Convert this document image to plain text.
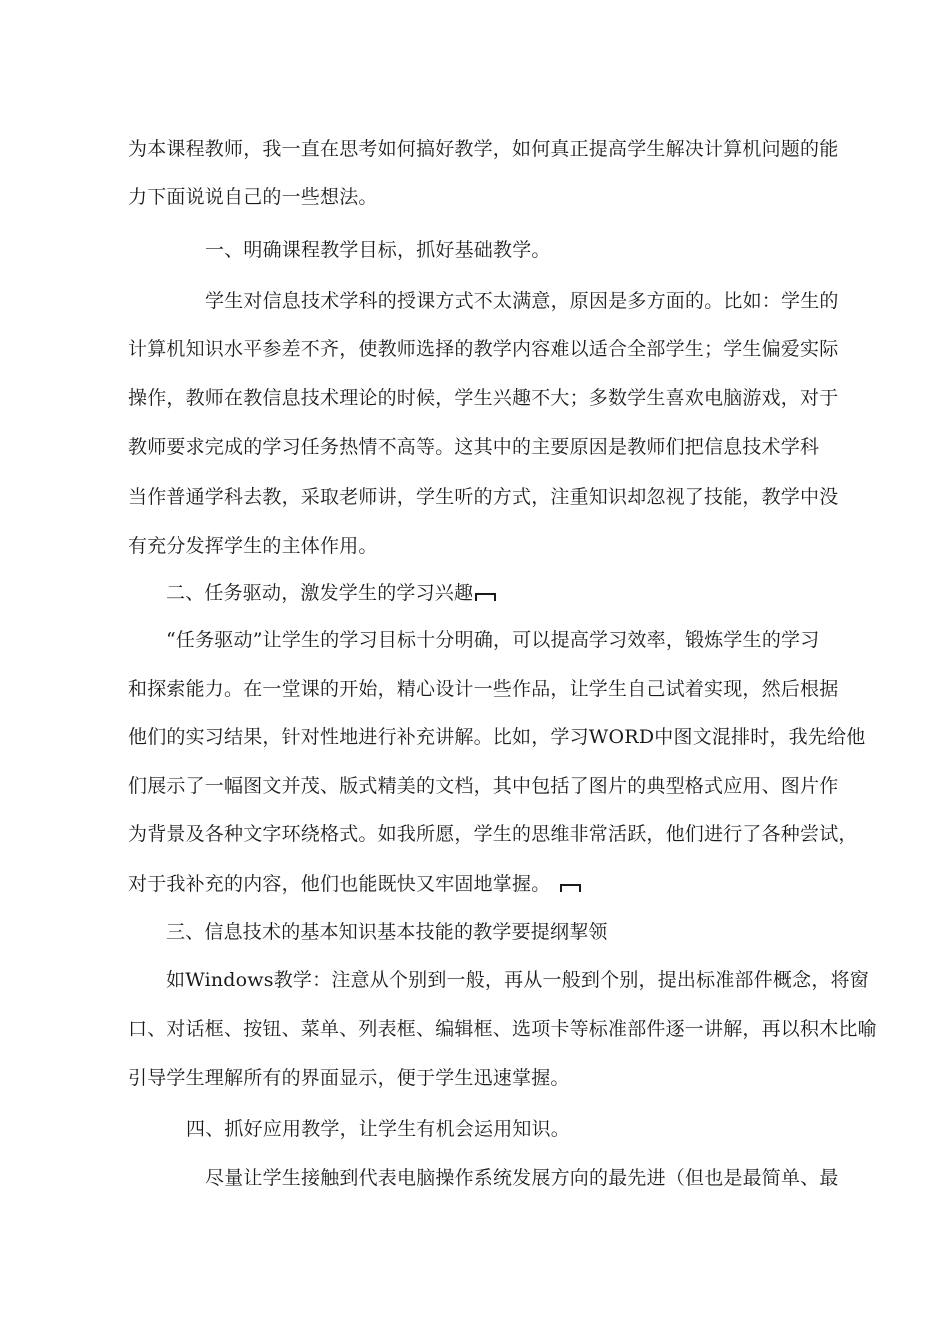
为本课程教师，我一直在思考如何搞好教学，如何真正提高学生解决计算机问题的能
力下面说说自己的一些想法。
一、明确课程教学目标，抓好基础教学。
学生对信息技术学科的授课方式不太满意，原因是多方面的。比如：学生的
计算机知识水平参差不齐，使教师选择的教学内容难以适合全部学生；学生偏爱实际
操作，教师在教信息技术理论的时候，学生兴趣不大；多数学生喜欢电脑游戏，对于
教师要求完成的学习任务热情不高等。这其中的主要原因是教师们把信息技术学科
当作普通学科去教，采取老师讲，学生听的方式，注重知识却忽视了技能，教学中没
有充分发挥学生的主体作用。
二、任务驱动，激发学生的学习兴趣
“任务驱动”让学生的学习目标十分明确，可以提高学习效率，锻炼学生的学习
和探索能力。在一堂课的开始，精心设计一些作品，让学生自己试着实现，然后根据
他们的实习结果，针对性地进行补充讲解。比如，学习WORD中图文混排时，我先给他
们展示了一幅图文并茂、版式精美的文档，其中包括了图片的典型格式应用、图片作
为背景及各种文字环绕格式。如我所愿，学生的思维非常活跃，他们进行了各种尝试，
对于我补充的内容，他们也能既快又牢固地掌握。
三、信息技术的基本知识基本技能的教学要提纲挈领
如Windows教学：注意从个别到一般，再从一般到个别，提出标准部件概念，将窗
口、对话框、按钮、菜单、列表框、编辑框、选项卡等标准部件逐一讲解，再以积木比喻
引导学生理解所有的界面显示，便于学生迅速掌握。
四、抓好应用教学，让学生有机会运用知识。
尽量让学生接触到代表电脑操作系统发展方向的最先进（但也是最简单、最
